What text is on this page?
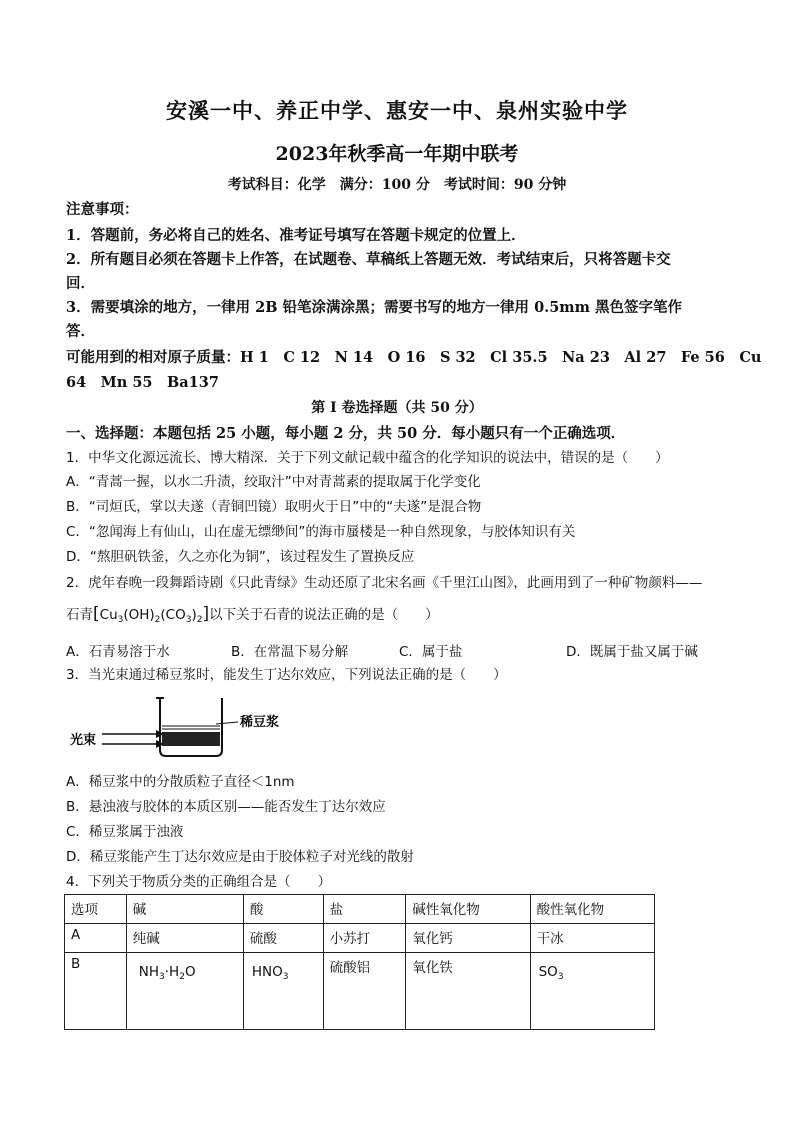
安溪一中、养正中学、惠安一中、泉州实验中学
2023年秋季高一年期中联考
考试科目：化学　满分：100 分　考试时间：90 分钟
注意事项：
1．答题前，务必将自己的姓名、准考证号填写在答题卡规定的位置上．
2．所有题目必须在答题卡上作答，在试题卷、草稿纸上答题无效．考试结束后，只将答题卡交
回．
3．需要填涂的地方，一律用 2B 铅笔涂满涂黑；需要书写的地方一律用 0.5mm 黑色签字笔作
答．
可能用到的相对原子质量：H 1　C 12　N 14　O 16　S 32　Cl 35.5　Na 23　Al 27　Fe 56　Cu
64　Mn 55　Ba137
第 I 卷选择题（共 50 分）
一、选择题：本题包括 25 小题，每小题 2 分，共 50 分．每小题只有一个正确选项．
1．中华文化源远流长、博大精深．关于下列文献记载中蕴含的化学知识的说法中，错误的是（　　）
A．“青蒿一握，以水二升渍，绞取汁”中对青蒿素的提取属于化学变化
B．“司烜氏，掌以夫遂（青铜凹镜）取明火于日”中的“夫遂”是混合物
C．“忽闻海上有仙山，山在虚无缥缈间”的海市蜃楼是一种自然现象，与胶体知识有关
D．“熬胆矾铁釜，久之亦化为铜”，该过程发生了置换反应
2．虎年春晚一段舞蹈诗剧《只此青绿》生动还原了北宋名画《千里江山图》，此画用到了一种矿物颜料——
石青$[Cu_3(OH)_2(CO_3)_2]$以下关于石青的说法正确的是（　　）
A．石青易溶于水	B．在常温下易分解	C．属于盐	D．既属于盐又属于碱
3．当光束通过稀豆浆时，能发生丁达尔效应，下列说法正确的是（　　）
光束
稀豆浆
A．稀豆浆中的分散质粒子直径＜1nm
B．悬浊液与胶体的本质区别——能否发生丁达尔效应
C．稀豆浆属于浊液
D．稀豆浆能产生丁达尔效应是由于胶体粒子对光线的散射
4．下列关于物质分类的正确组合是（　　）
选项	碱	酸	盐	碱性氧化物	酸性氧化物
A	纯碱	硫酸	小苏打	氧化钙	干冰
B	$NH_3\cdot H_2O$	$HNO_3$	硫酸铝	氧化铁	$SO_3$
